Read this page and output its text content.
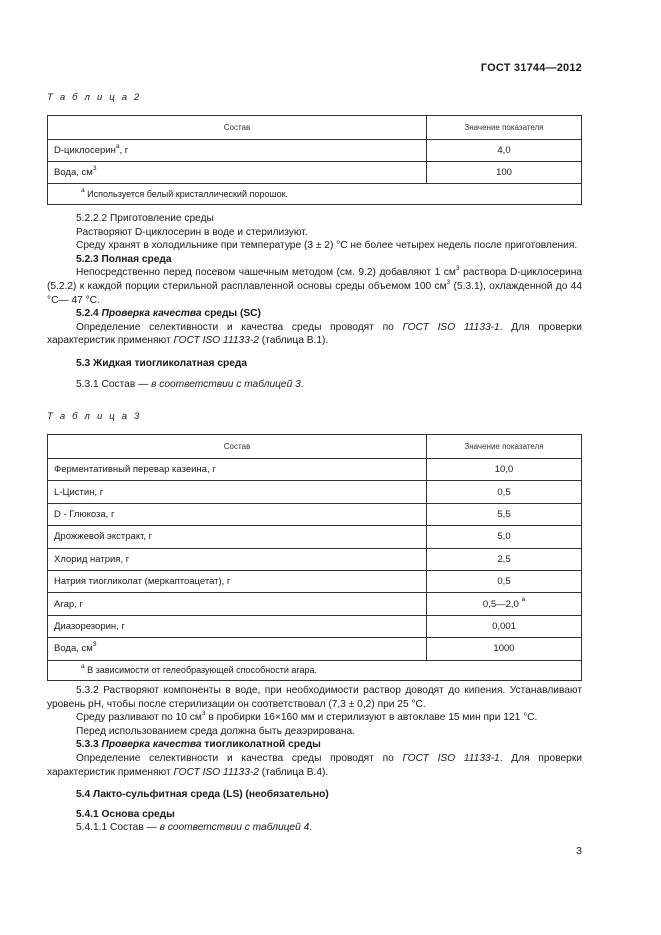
ГОСТ 31744—2012
Т а б л и ц а 2
Состав	Значение показателя
D-циклосерин$^a$, г	4,0
Вода, $см^3$	100
$^a$ Используется белый кристаллический порошок.	

5.2.2.2 Приготовление среды

Растворяют D-циклосерин в воде и стерилизуют.

Среду хранят в холодильнике при температуре (3 ± 2) °С не более четырех недель после приготовления.

5.2.3 Полная среда

Непосредственно перед посевом чашечным методом (см. 9.2) добавляют 1 $см^3$ раствора D-циклосерина (5.2.2) к каждой порции стерильной расплавленной основы среды объемом 100 $см^3$ (5.3.1), охлажденной до 44 °С— 47 °С.

5.2.4 Проверка качества среды (SC)

Определение селективности и качества среды проводят по ГОСТ ISO 11133-1. Для проверки характеристик применяют ГОСТ ISO 11133-2 (таблица В.1).

5.3 Жидкая тиогликолатная среда

5.3.1 Состав — в соответствии с таблицей 3.

Т а б л и ц а 3
Состав	Значение показателя
Ферментативный перевар казеина, г	10,0
L-Цистин, г	0,5
D - Глюкоза, г	5,5
Дрожжевой экстракт, г	5,0
Хлорид натрия, г	2,5
Натрия тиогликолат (меркаптоацетат), г	0,5
Агар, г	0,5—2,0 $^a$
Диазорезорин, г	0,001
Вода, $см^3$	1000
$^a$ В зависимости от гелеобразующей способности агара.	

5.3.2 Растворяют компоненты в воде, при необходимости раствор доводят до кипения. Устанавливают уровень рН, чтобы после стерилизации он соответствовал (7,3 ± 0,2) при 25 °С.

Среду разливают по 10 $см^3$ в пробирки 16×160 мм и стерилизуют в автоклаве 15 мин при 121 °С.

Перед использованием среда должна быть деаэрирована.

5.3.3 Проверка качества тиогликолатной среды

Определение селективности и качества среды проводят по ГОСТ ISO 11133-1. Для проверки характеристик применяют ГОСТ ISO 11133-2 (таблица В.4).

5.4 Лакто-сульфитная среда (LS) (необязательно)

5.4.1 Основа среды

5.4.1.1 Состав — в соответствии с таблицей 4.

3
